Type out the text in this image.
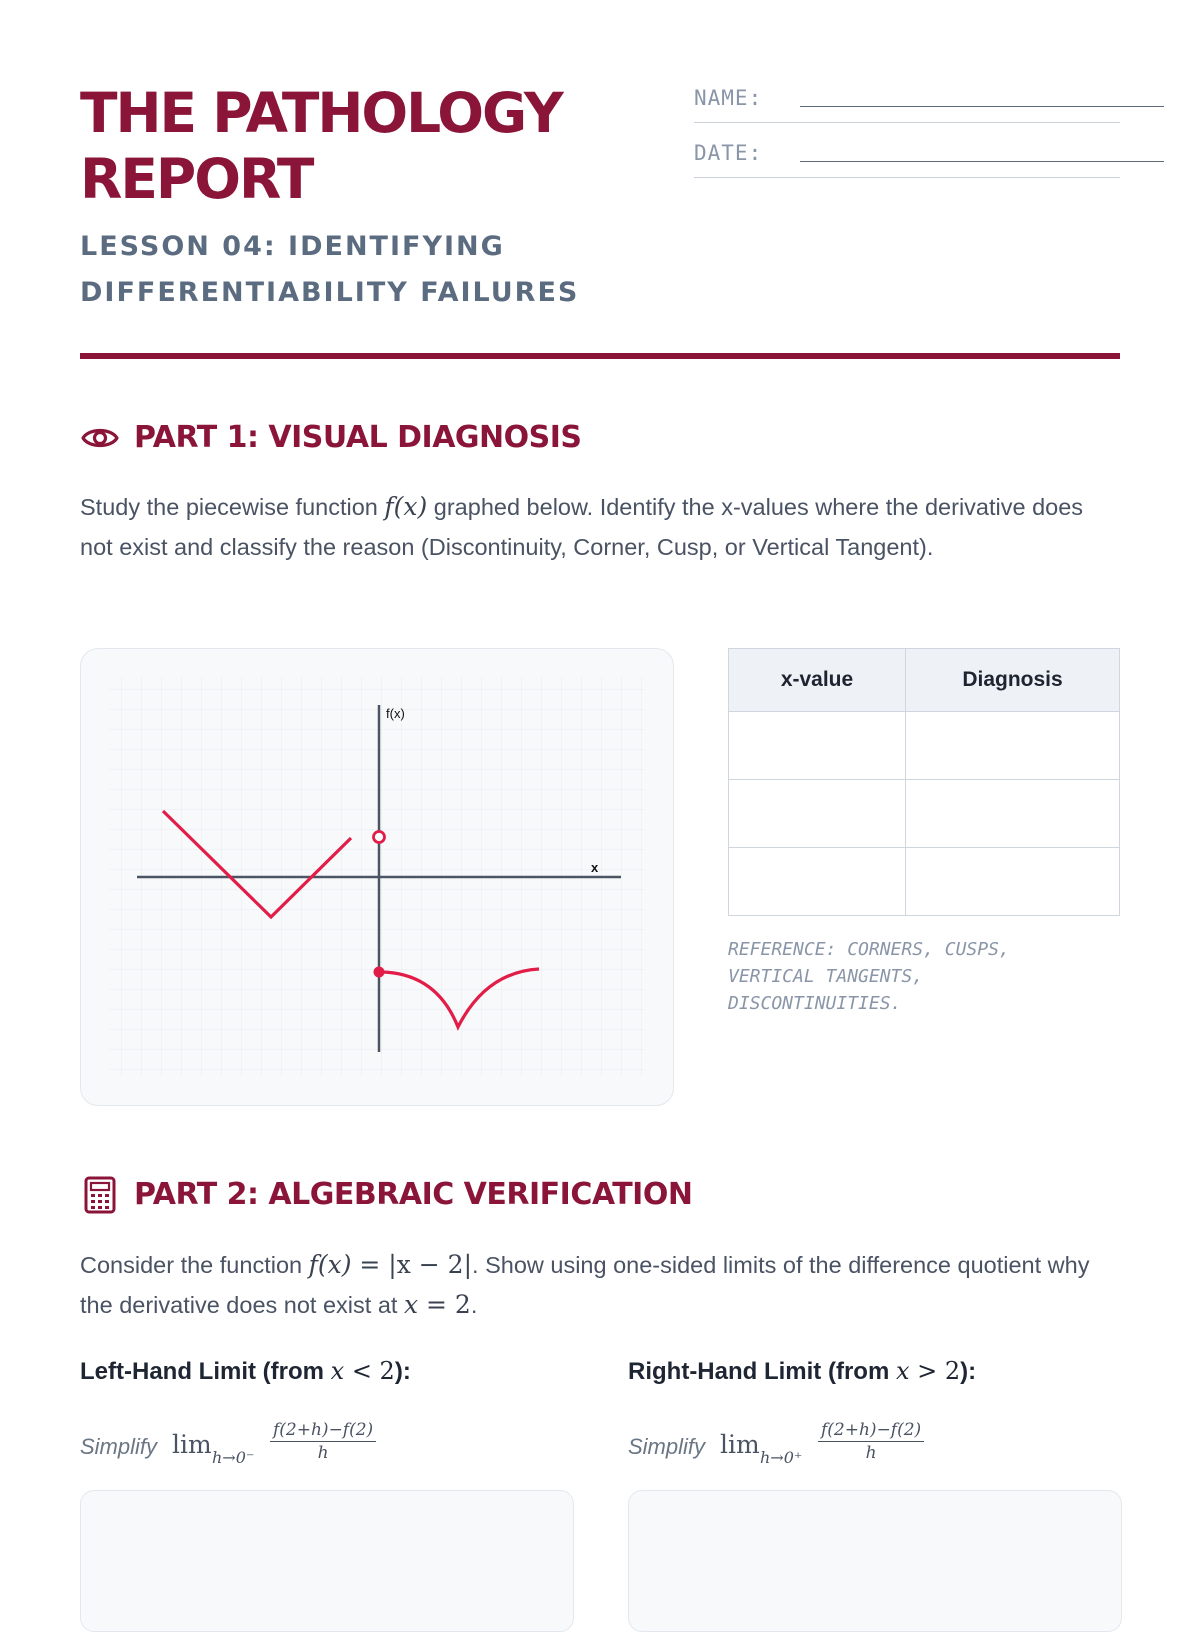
THE PATHOLOGY
REPORT
LESSON 04: IDENTIFYING
DIFFERENTIABILITY FAILURES
NAME:
DATE:
PART 1: VISUAL DIAGNOSIS

Study the piecewise function f(x) graphed below. Identify the x-values where the derivative does not exist and classify the reason (Discontinuity, Corner, Cusp, or Vertical Tangent).

f(x)
x
x-value	Diagnosis

REFERENCE: CORNERS, CUSPS, VERTICAL TANGENTS, DISCONTINUITIES.

PART 2: ALGEBRAIC VERIFICATION

Consider the function f(x) = |x − 2|. Show using one-sided limits of the difference quotient why the derivative does not exist at x = 2.

Left-Hand Limit (from x < 2):
Simplify $\lim h\to 0^- \frac{f(2+h)-f(2)}{h}$
Right-Hand Limit (from x > 2):
Simplify $\lim h\to 0^+ \frac{f(2+h)-f(2)}{h}$
